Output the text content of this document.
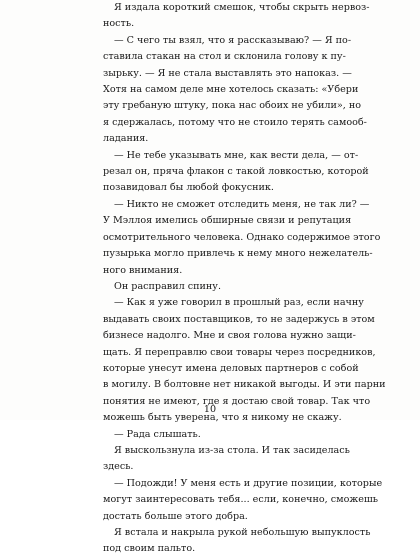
Я издала короткий смешок, чтобы скрыть нервоз-
ность.
— С чего ты взял, что я рассказываю? — Я по-
ставила стакан на стол и склонила голову к пу-
зырьку. — Я не стала выставлять это напоказ. —
Хотя на самом деле мне хотелось сказать: «Убери
эту гребаную штуку, пока нас обоих не убили», но
я сдержалась, потому что не стоило терять самооб-
ладания.
— Не тебе указывать мне, как вести дела, — от-
резал он, пряча флакон с такой ловкостью, которой
позавидовал бы любой фокусник.
— Никто не сможет отследить меня, не так ли? —
У Мэллоя имелись обширные связи и репутация
осмотрительного человека. Однако содержимое этого
пузырька могло привлечь к нему много нежелатель-
ного внимания.
Он расправил спину.
— Как я уже говорил в прошлый раз, если начну
выдавать своих поставщиков, то не задержусь в этом
бизнесе надолго. Мне и своя голова нужно защи-
щать. Я переправлю свои товары через посредников,
которые унесут имена деловых партнеров с собой
в могилу. В болтовне нет никакой выгоды. И эти парни
понятия не имеют, где я достаю свой товар. Так что
можешь быть уверена, что я никому не скажу.
— Рада слышать.
Я выскользнула из-за стола. И так засиделась
здесь.
— Подожди! У меня есть и другие позиции, которые
могут заинтересовать тебя... если, конечно, сможешь
достать больше этого добра.
Я встала и накрыла рукой небольшую выпуклость
под своим пальто.
10
